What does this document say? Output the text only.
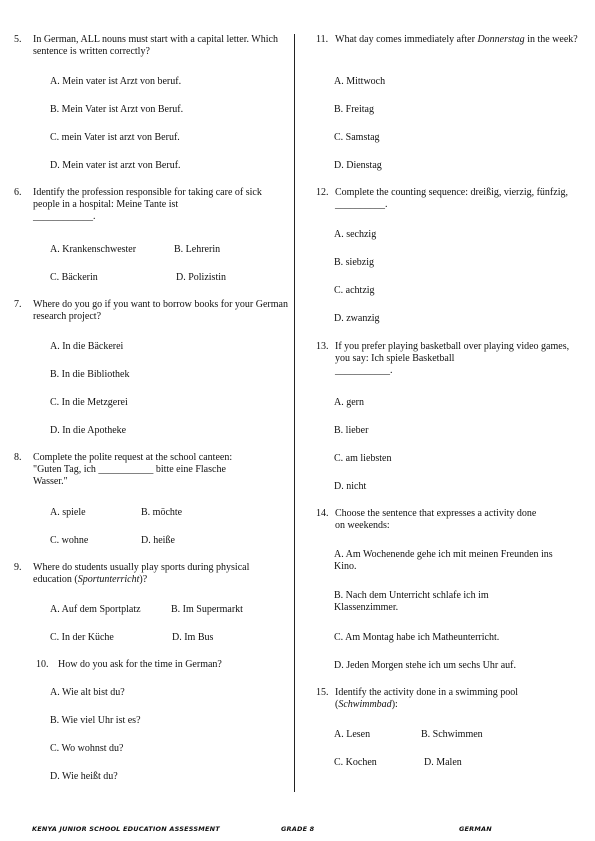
5.	In German, ALL nouns must start with a capital letter. Which sentence is written correctly?
A. Mein vater ist Arzt von beruf.
B. Mein Vater ist Arzt von Beruf.
C. mein Vater ist arzt von Beruf.
D. Mein vater ist arzt von Beruf.
6.	Identify the profession responsible for taking care of sick people in a hospital: Meine Tante ist
____________.
A. Krankenschwester	B. Lehrerin
C. Bäckerin	D. Polizistin
7.	Where do you go if you want to borrow books for your German research project?
A. In die Bäckerei
B. In die Bibliothek
C. In die Metzgerei
D. In die Apotheke
8.	Complete the polite request at the school canteen:
"Guten Tag, ich ___________ bitte eine Flasche
Wasser."
A. spiele	B. möchte
C. wohne	D. heiße
9.	Where do students usually play sports during physical education (Sportunterricht)?
A. Auf dem Sportplatz	B. Im Supermarkt
C. In der Küche	D. Im Bus
10. How do you ask for the time in German?
A. Wie alt bist du?
B. Wie viel Uhr ist es?
C. Wo wohnst du?
D. Wie heißt du?
11. What day comes immediately after Donnerstag in the week?
A. Mittwoch
B. Freitag
C. Samstag
D. Dienstag
12. Complete the counting sequence: dreißig, vierzig, fünfzig, __________.
A. sechzig
B. siebzig
C. achtzig
D. zwanzig
13. If you prefer playing basketball over playing video games, you say: Ich spiele Basketball
___________.
A. gern
B. lieber
C. am liebsten
D. nicht
14. Choose the sentence that expresses a activity done on weekends:
A. Am Wochenende gehe ich mit meinen Freunden ins Kino.
B. Nach dem Unterricht schlafe ich im Klassenzimmer.
C. Am Montag habe ich Matheunterricht.
D. Jeden Morgen stehe ich um sechs Uhr auf.
15. Identify the activity done in a swimming pool (Schwimmbad):
A. Lesen	B. Schwimmen
C. Kochen	D. Malen
KENYA JUNIOR SCHOOL EDUCATION ASSESSMENT	GRADE 8	GERMAN
